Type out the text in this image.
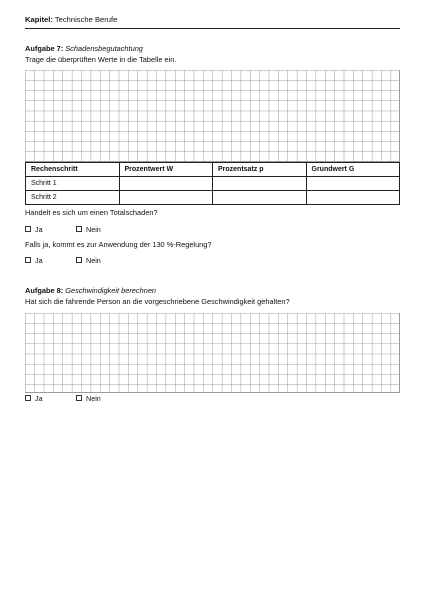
Kapitel: Technische Berufe
Aufgabe 7: Schadensbegutachtung
Trage die überprüften Werte in die Tabelle ein.
Rechenschritt	Prozentwert W	Prozentsatz p	Grundwert G
Schritt 1			
Schritt 2			
Handelt es sich um einen Totalschaden?
Ja	Nein
Falls ja, kommt es zur Anwendung der 130 %-Regelung?
Ja	Nein
Aufgabe 8: Geschwindigkeit berechnen
Hat sich die fahrende Person an die vorgeschriebene Geschwindigkeit gehalten?
Ja	Nein
